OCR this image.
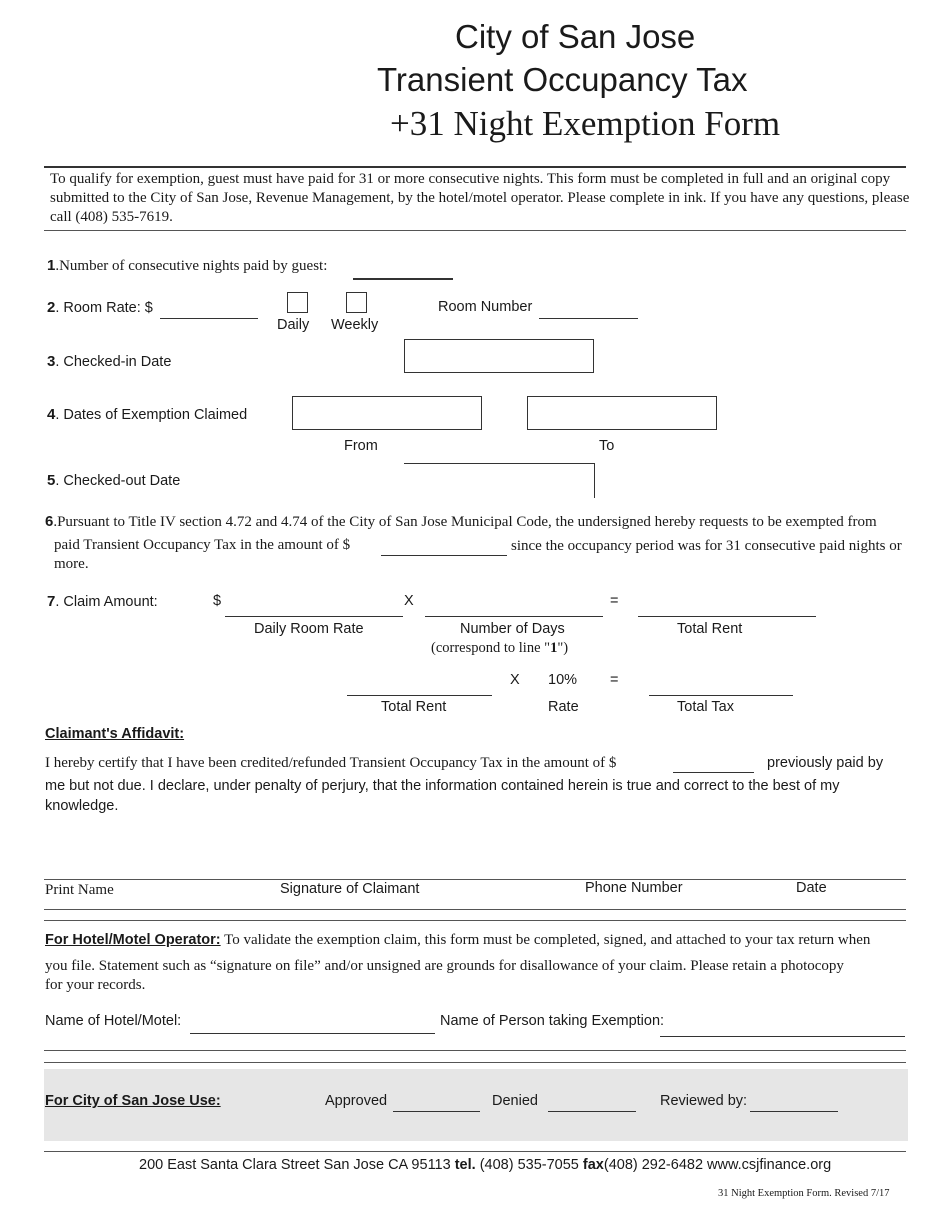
City of San Jose
Transient Occupancy Tax
+31 Night Exemption Form
To qualify for exemption, guest must have paid for 31 or more consecutive nights. This form must be completed in full and an original copy submitted to the City of San Jose, Revenue Management, by the hotel/motel operator. Please complete in ink. If you have any questions, please call (408) 535-7619.
1.Number of consecutive nights paid by guest:
2. Room Rate: $
Daily Weekly
Room Number
3. Checked-in Date
4. Dates of Exemption Claimed
From	To
5. Checked-out Date
6.Pursuant to Title IV section 4.72 and 4.74 of the City of San Jose Municipal Code, the undersigned hereby requests to be exempted from
paid Transient Occupancy Tax in the amount of $	since the occupancy period was for 31 consecutive paid nights or
more.
7. Claim Amount:	$	X	=
Daily Room Rate	Number of Days
(correspond to line "1")
Total Rent
X 10% =
Total Rent	Rate	Total Tax
Claimant's Affidavit:
I hereby certify that I have been credited/refunded Transient Occupancy Tax in the amount of $	previously paid by
me but not due. I declare, under penalty of perjury, that the information contained herein is true and correct to the best of my
knowledge.
Print Name	Signature of Claimant	Phone Number	Date
For Hotel/Motel Operator: To validate the exemption claim, this form must be completed, signed, and attached to your tax return when
you file. Statement such as “signature on file” and/or unsigned are grounds for disallowance of your claim. Please retain a photocopy
for your records.
Name of Hotel/Motel:	Name of Person taking Exemption:
For City of San Jose Use:	Approved	Denied	Reviewed by:
200 East Santa Clara Street San Jose CA 95113 tel. (408) 535-7055 fax(408) 292-6482 www.csjfinance.org
31 Night Exemption Form. Revised 7/17
